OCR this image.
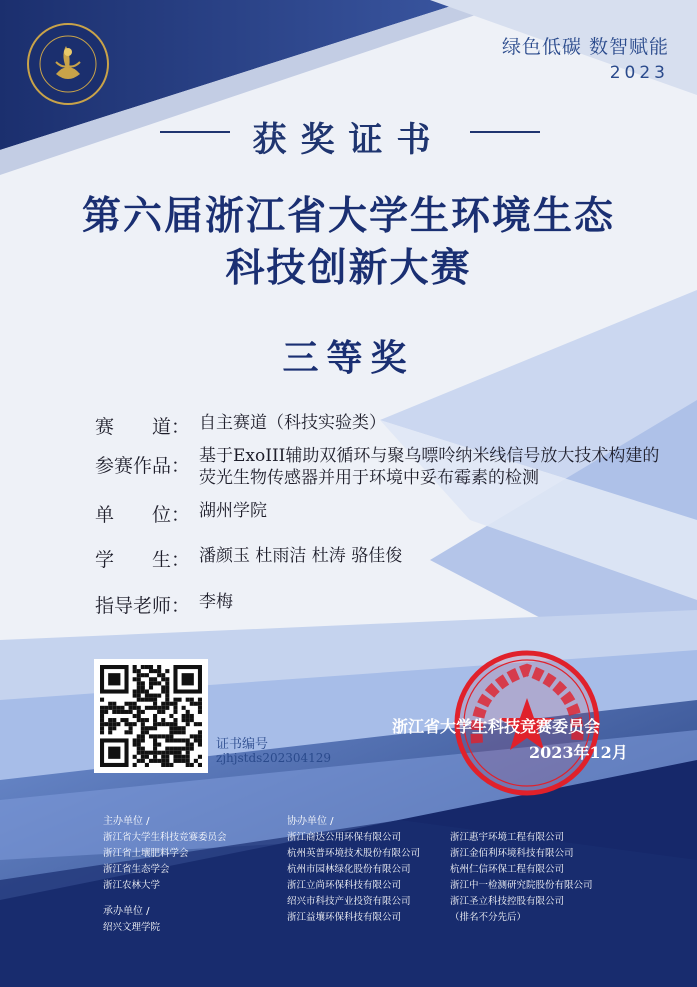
绿色低碳 数智赋能
2023
获奖证书
第六届浙江省大学生环境生态
科技创新大赛
三等奖
赛　　道： 自主赛道（科技实验类）
参赛作品： 基于ExoIII辅助双循环与聚乌嘌呤纳米线信号放大技术构建的荧光生物传感器并用于环境中妥布霉素的检测
单　　位： 湖州学院
学　　生： 潘颜玉 杜雨洁 杜涛 骆佳俊
指导老师： 李梅
证书编号
zjhjstds202304129
浙江省大学生科技竞赛委员会
2023年12月
主办单位 /
浙江省大学生科技竞赛委员会
浙江省土壤肥料学会
浙江省生态学会
浙江农林大学
承办单位 /
绍兴文理学院
协办单位 /
浙江商达公用环保有限公司
杭州英普环境技术股份有限公司
杭州市园林绿化股份有限公司
浙江立尚环保科技有限公司
绍兴市科技产业投资有限公司
浙江益壤环保科技有限公司
浙江惠宇环境工程有限公司
浙江金佰利环境科技有限公司
杭州仁信环保工程有限公司
浙江中一检测研究院股份有限公司
浙江圣立科技控股有限公司
（排名不分先后）
